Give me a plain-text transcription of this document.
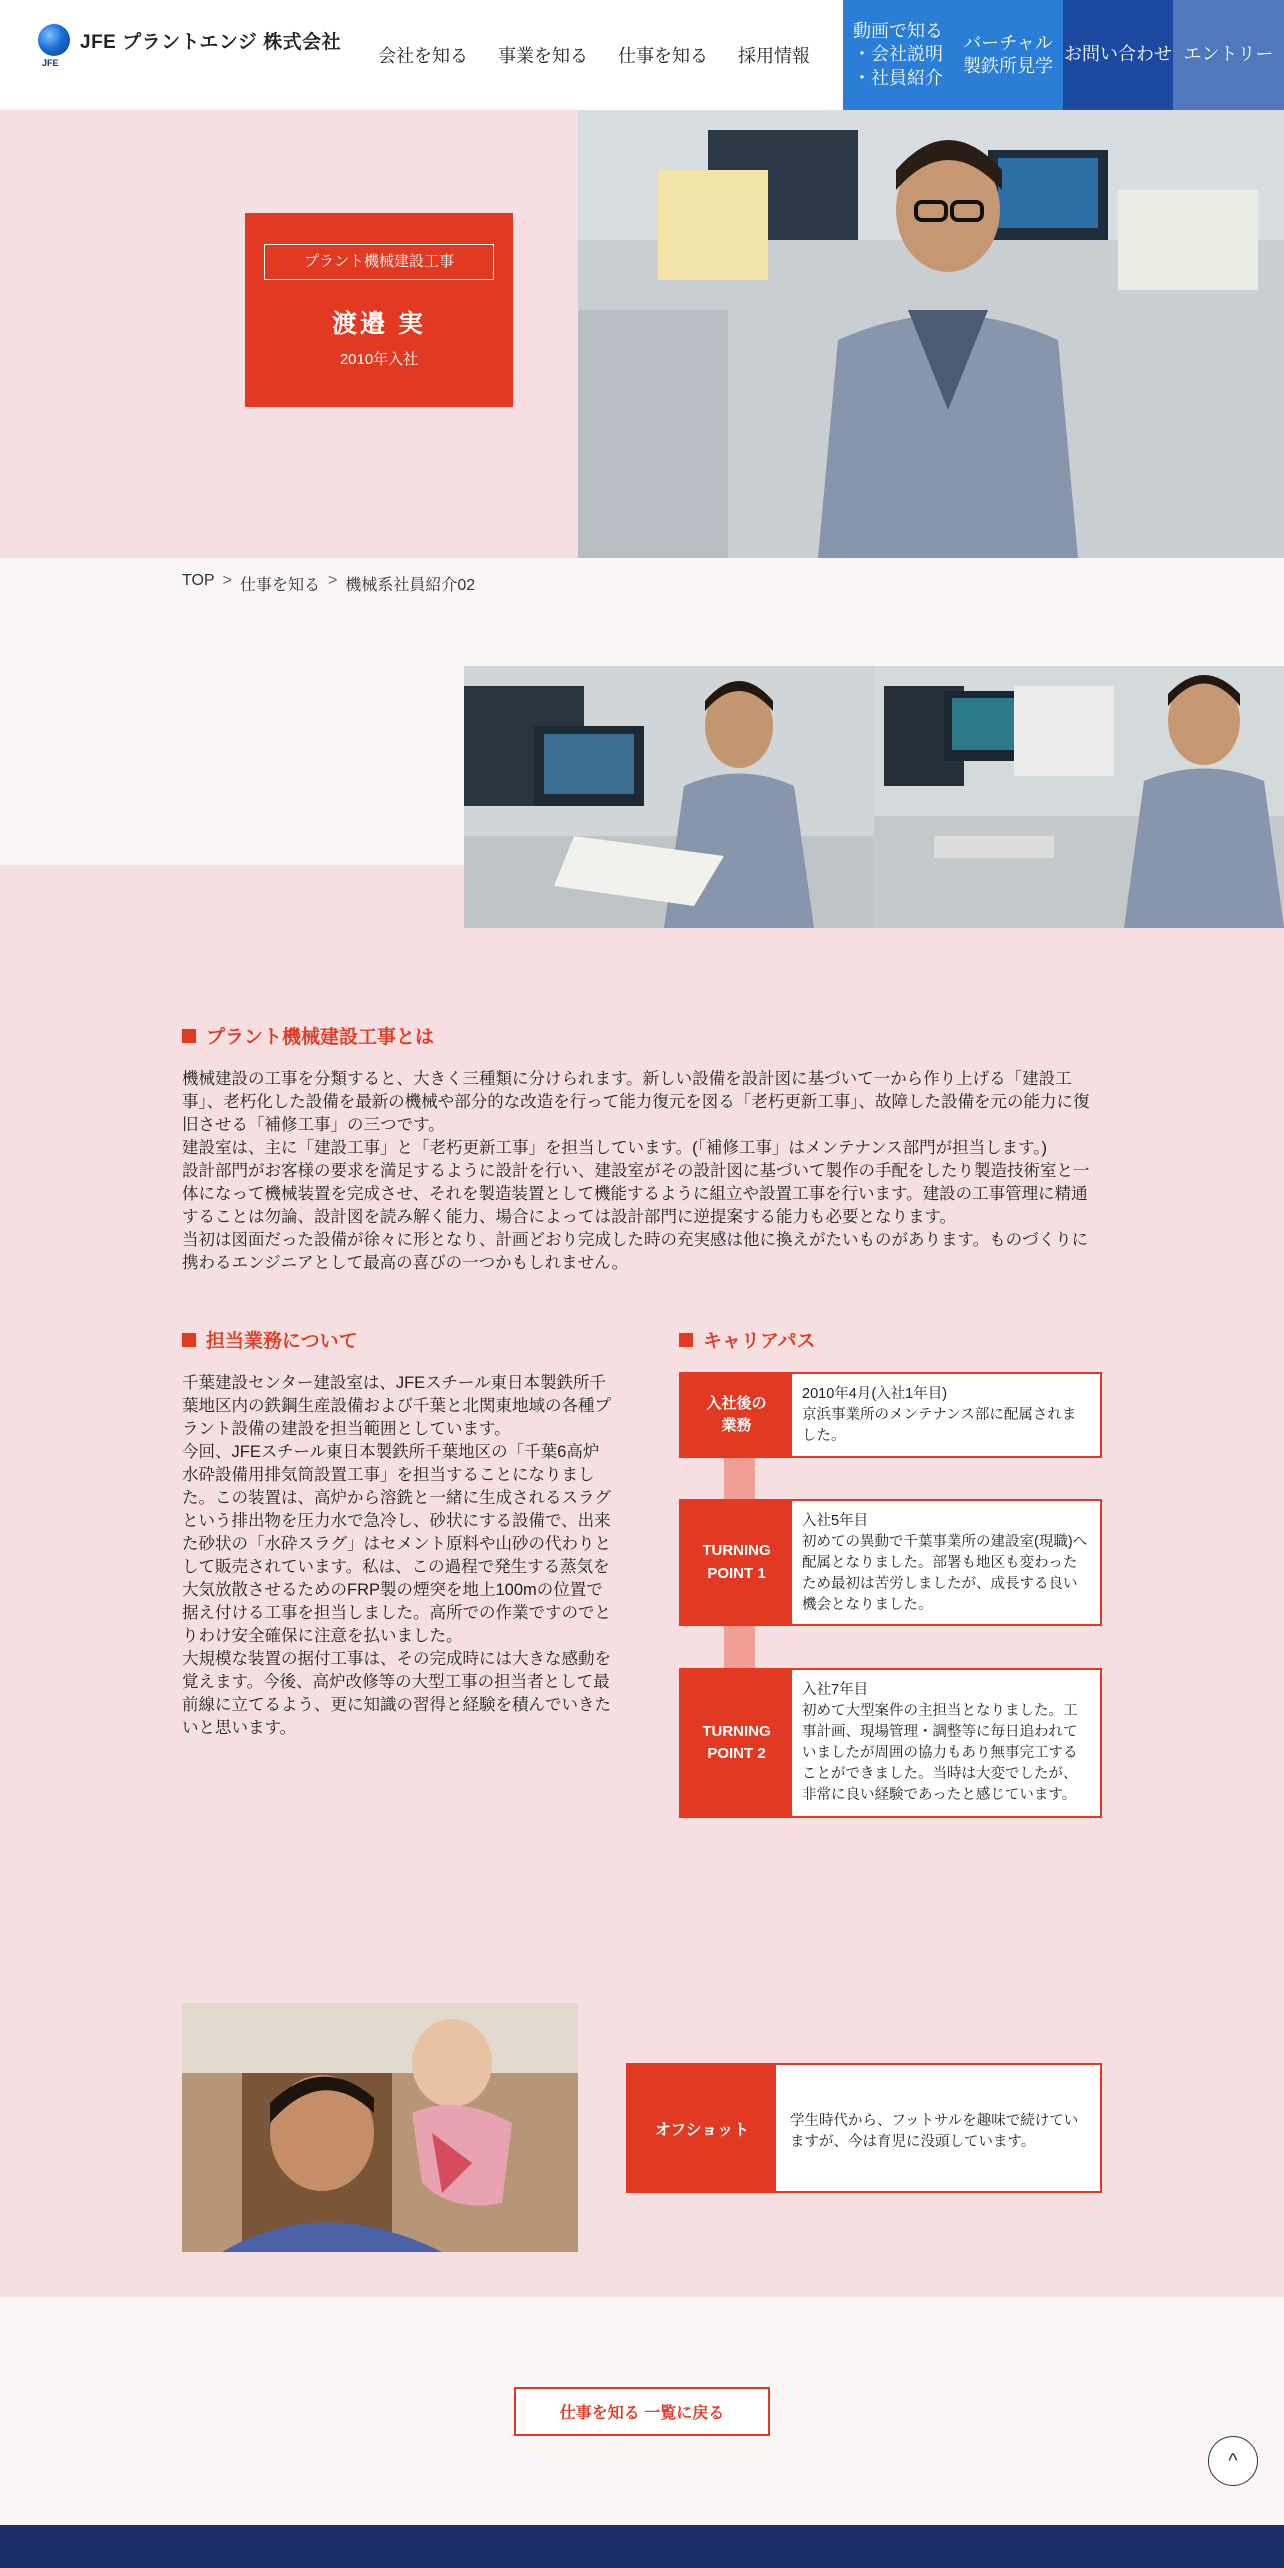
JFE
JFE プラントエンジ 株式会社
会社を知る 事業を知る 仕事を知る 採用情報
動画で知る
・会社説明
・社員紹介
バーチャル
製鉄所見学
お問い合わせ エントリー
プラント機械建設工事
渡邉 実
2010年入社
TOP > 仕事を知る > 機械系社員紹介02
プラント機械建設工事とは

機械建設の工事を分類すると、大きく三種類に分けられます。新しい設備を設計図に基づいて一から作り上げる「建設工事」、老朽化した設備を最新の機械や部分的な改造を行って能力復元を図る「老朽更新工事」、故障した設備を元の能力に復旧させる「補修工事」の三つです。
建設室は、主に「建設工事」と「老朽更新工事」を担当しています。(「補修工事」はメンテナンス部門が担当します。)
設計部門がお客様の要求を満足するように設計を行い、建設室がその設計図に基づいて製作の手配をしたり製造技術室と一体になって機械装置を完成させ、それを製造装置として機能するように組立や設置工事を行います。建設の工事管理に精通することは勿論、設計図を読み解く能力、場合によっては設計部門に逆提案する能力も必要となります。
当初は図面だった設備が徐々に形となり、計画どおり完成した時の充実感は他に換えがたいものがあります。ものづくりに携わるエンジニアとして最高の喜びの一つかもしれません。

担当業務について

千葉建設センター建設室は、JFEスチール東日本製鉄所千葉地区内の鉄鋼生産設備および千葉と北関東地域の各種プラント設備の建設を担当範囲としています。
今回、JFEスチール東日本製鉄所千葉地区の「千葉6高炉水砕設備用排気筒設置工事」を担当することになりました。この装置は、高炉から溶銑と一緒に生成されるスラグという排出物を圧力水で急冷し、砂状にする設備で、出来た砂状の「水砕スラグ」はセメント原料や山砂の代わりとして販売されています。私は、この過程で発生する蒸気を大気放散させるためのFRP製の煙突を地上100mの位置で据え付ける工事を担当しました。高所での作業ですのでとりわけ安全確保に注意を払いました。
大規模な装置の据付工事は、その完成時には大きな感動を覚えます。今後、高炉改修等の大型工事の担当者として最前線に立てるよう、更に知識の習得と経験を積んでいきたいと思います。

キャリアパス
入社後の
業務
2010年4月(入社1年目)
京浜事業所のメンテナンス部に配属されました。
TURNING
POINT 1
入社5年目
初めての異動で千葉事業所の建設室(現職)へ配属となりました。部署も地区も変わったため最初は苦労しましたが、成長する良い機会となりました。
TURNING
POINT 2
入社7年目
初めて大型案件の主担当となりました。工事計画、現場管理・調整等に毎日追われていましたが周囲の協力もあり無事完工することができました。当時は大変でしたが、非常に良い経験であったと感じています。
オフショット
学生時代から、フットサルを趣味で続けていますが、今は育児に没頭しています。
仕事を知る 一覧に戻る
^
